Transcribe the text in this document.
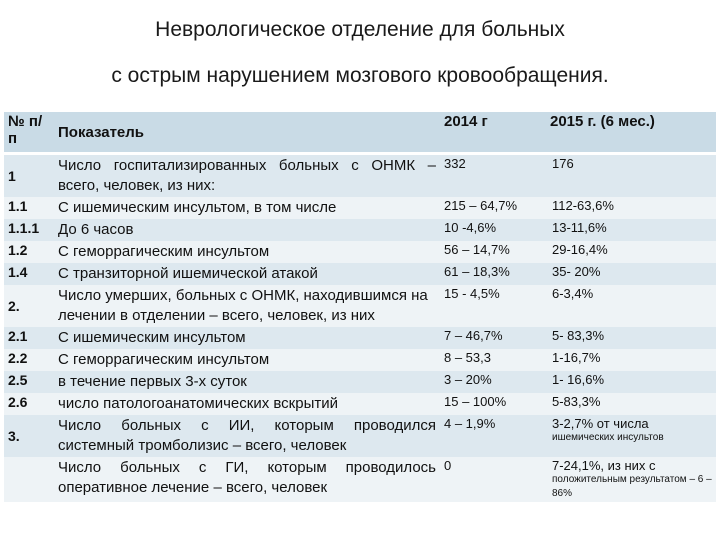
Неврологическое отделение для больных
с острым нарушением мозгового кровообращения.
№ п/п	Показатель	2014 г	2015 г. (6 мес.)
1	Число госпитализированных больных с ОНМК – всего, человек, из них:	332	176
1.1	С ишемическим инсультом, в том числе	215 – 64,7%	112-63,6%
1.1.1	До 6 часов	10 -4,6%	13-11,6%
1.2	С геморрагическим инсультом	56 – 14,7%	29-16,4%
1.4	С транзиторной ишемической атакой	61 – 18,3%	35- 20%
2.	Число умерших, больных с ОНМК, находившимся на лечении в отделении – всего, человек, из них	15 - 4,5%	6-3,4%
2.1	С ишемическим инсультом	7 – 46,7%	5- 83,3%
2.2	С геморрагическим инсультом	8 – 53,3	1-16,7%
2.5	в течение первых 3-х суток	3 – 20%	1- 16,6%
2.6	число патологоанатомических вскрытий	15 – 100%	5-83,3%
3.	Число больных с ИИ, которым проводился системный тромболизис – всего, человек	4 – 1,9%	3-2,7% от числа
ишемических инсультов

	Число больных с ГИ, которым проводилось оперативное лечение – всего, человек	0	7-24,1%, из них с
положительным результатом – 6 – 86%
